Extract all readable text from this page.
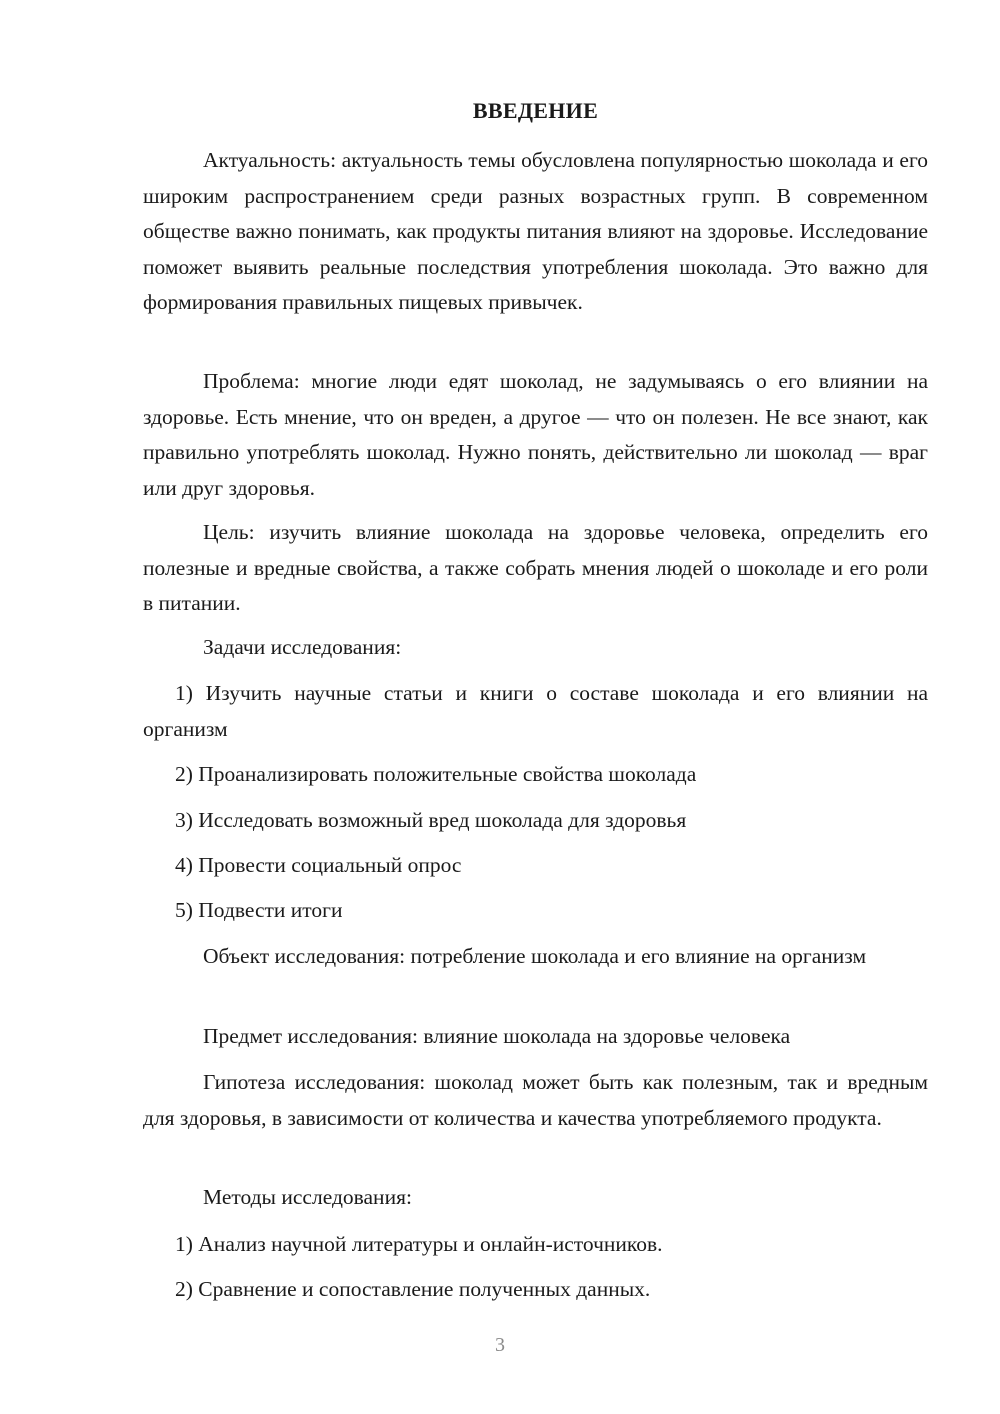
ВВЕДЕНИЕ

Актуальность: актуальность темы обусловлена популярностью шоколада и его широким распространением среди разных возрастных групп. В современном обществе важно понимать, как продукты питания влияют на здоровье. Исследование поможет выявить реальные последствия употребления шоколада. Это важно для формирования правильных пищевых привычек.

Проблема: многие люди едят шоколад, не задумываясь о его влиянии на здоровье. Есть мнение, что он вреден, а другое — что он полезен. Не все знают, как правильно употреблять шоколад. Нужно понять, действительно ли шоколад — враг или друг здоровья.

Цель: изучить влияние шоколада на здоровье человека, определить его полезные и вредные свойства, а также собрать мнения людей о шоколаде и его роли в питании.

Задачи исследования:

1) Изучить научные статьи и книги о составе шоколада и его влиянии на организм

2) Проанализировать положительные свойства шоколада

3) Исследовать возможный вред шоколада для здоровья

4) Провести социальный опрос

5) Подвести итоги

Объект исследования: потребление шоколада и его влияние на организм

Предмет исследования: влияние шоколада на здоровье человека

Гипотеза исследования: шоколад может быть как полезным, так и вредным для здоровья, в зависимости от количества и качества употребляемого продукта.

Методы исследования:

1) Анализ научной литературы и онлайн-источников.

2) Сравнение и сопоставление полученных данных.

3
